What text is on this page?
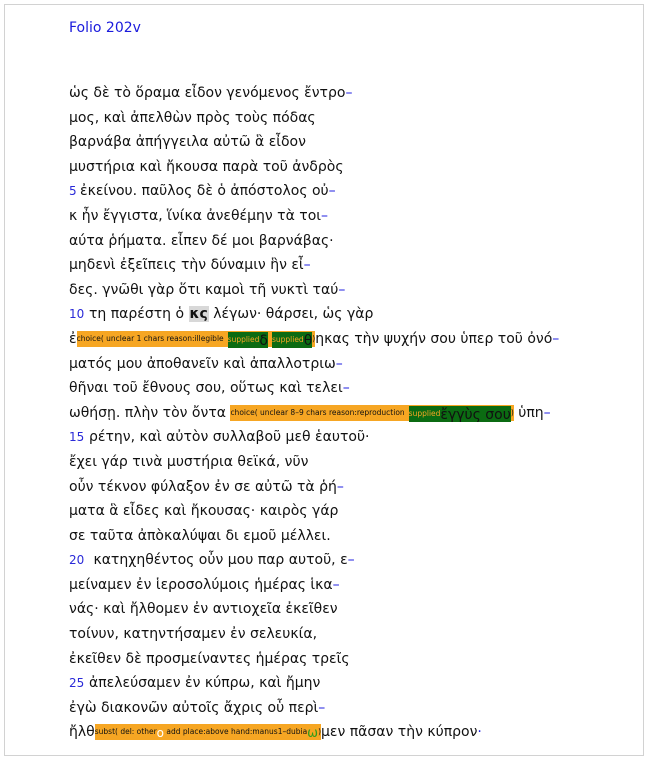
Folio 202v
ὡς δὲ τὸ ὅραμα εἶδον γενόμενος ἔντρο–
μος, καὶ ἀπελθὼν πρὸς τοὺς πόδας
βαρνάβα ἀπήγγειλα αὐτῶ ἃ εἶδον
μυστήρια καὶ ἤκουσα παρὰ τοῦ ἀνδρὸς
5 ἐκείνου. παῦλος δὲ ὁ ἀπόστολος οὐ–
κ ἦν ἔγγιστα, ἵνίκα ἀνεθέμην τὰ τοι–
αύτα ῥήματα. εἶπεν δέ μοι βαρνάβας·
μηδενὶ ἐξεῖπεις τὴν δύναμιν ἣν εἶ–
δες. γνῶθι γὰρ ὅτι καμοὶ τῆ νυκτὶ ταύ–
10 τη παρέστη ὁ κς λέγων· θάρσει, ὡς γὰρ
ἐ$^{choice( unclear 1 chars reason:illegible}$ $^{supplied}$δ $^{supplied}$θ)ηκας τὴν ψυχήν σου ὑπερ τοῦ ὀνό–
ματός μου ἀποθανεῖν καὶ ἀπαλλοτριω–
θῆναι τοῦ ἔθνους σου, οὕτως καὶ τελει–
ωθήσῃ. πλὴν τὸν ὄντα $^{choice( unclear 8-9 chars reason:reproduction}$ $^{supplied}$ἔγγὺς σου) ὑπη–
15 ρέτην, καὶ αὐτὸν συλλαβοῦ μεθ ἑαυτοῦ·
ἔχει γάρ τινὰ μυστήρια θεϊκά, νῦν
οὖν τέκνον φύλαξον ἐν σε αὐτῶ τὰ ῥή–
ματα ἃ εἶδες καὶ ἤκουσας· καιρὸς γάρ
σε ταῦτα ἀπὸκαλύψαι δι εμοῦ μέλλει.
20 κατηχηθέντος οὖν μου παρ αυτοῦ, ε–
μείναμεν ἐν ἱεροσολύμοις ἡμέρας ἱκα–
νάς· καὶ ἤλθομεν ἐν αντιοχεῖα ἐκεῖθεν
τοίνυν, κατηντήσαμεν ἐν σελευκία,
ἐκεῖθεν δὲ προσμείναντες ἡμέρας τρεῖς
25 ἀπελεύσαμεν ἐν κύπρω, καὶ ἤμην
ἐγὼ διακονῶν αὐτοῖς ἄχρις οὗ περὶ–
ἤλθ$^{subst( del: other}$ο $^{add place:above hand:manus1-dubia}$ω)μεν πᾶσαν τὴν κύπρον·
